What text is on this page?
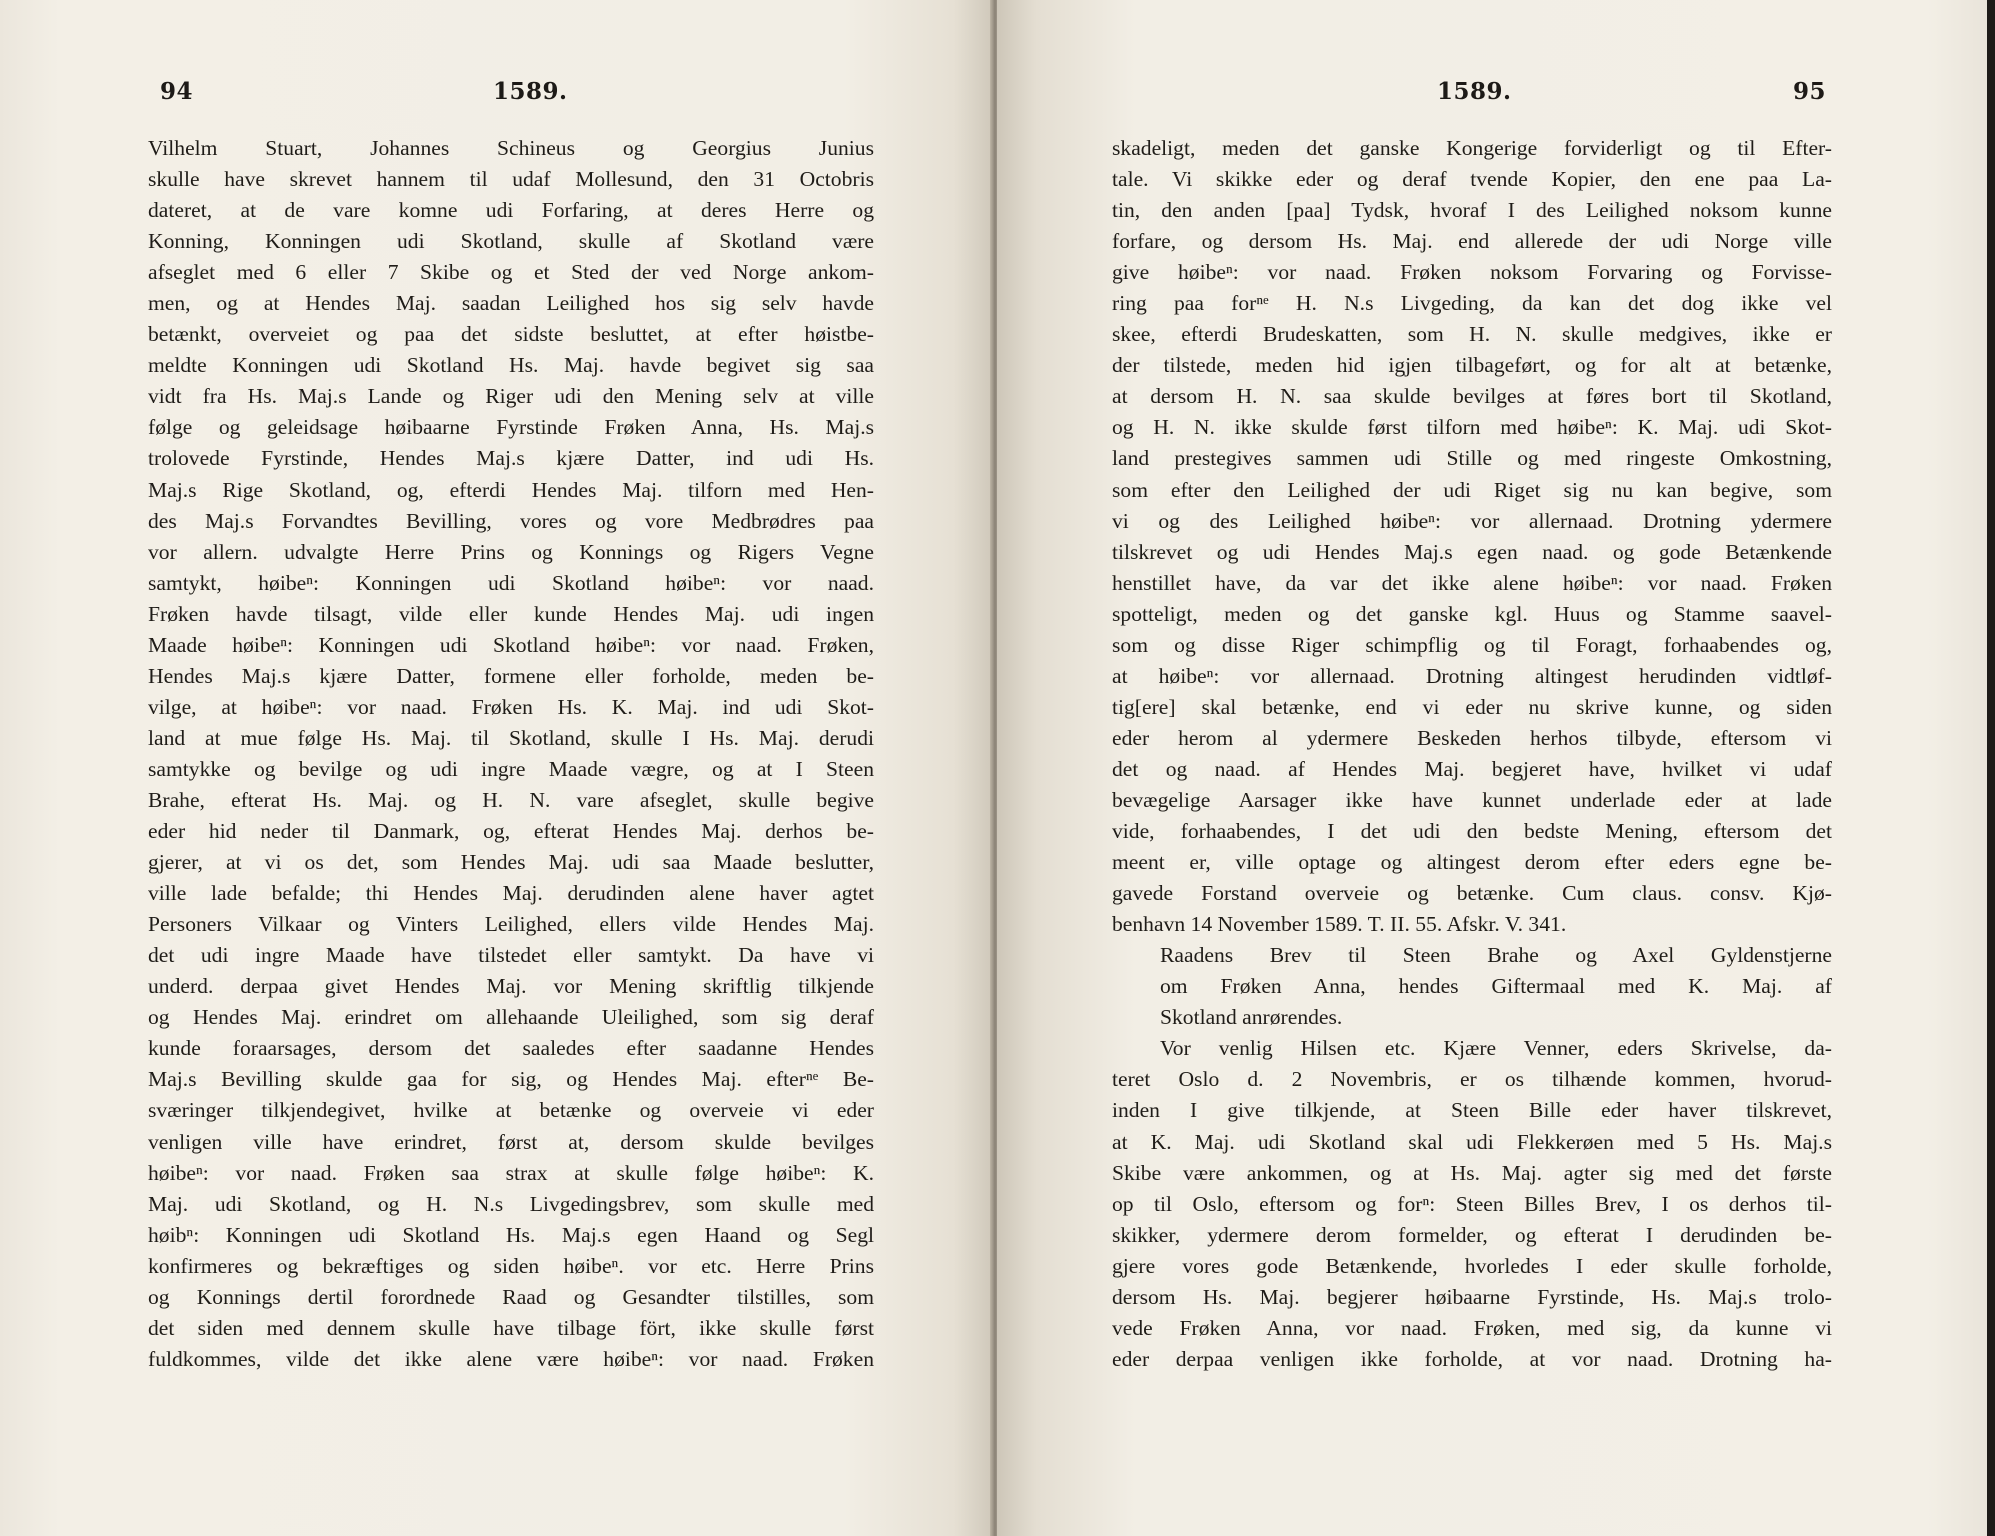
94	1589.
Vilhelm Stuart, Johannes Schineus og Georgius Junius
skulle have skrevet hannem til udaf Mollesund, den 31 Octobris
dateret, at de vare komne udi Forfaring, at deres Herre og
Konning, Konningen udi Skotland, skulle af Skotland være
afseglet med 6 eller 7 Skibe og et Sted der ved Norge ankom-
men, og at Hendes Maj. saadan Leilighed hos sig selv havde
betænkt, overveiet og paa det sidste besluttet, at efter høistbe-
meldte Konningen udi Skotland Hs. Maj. havde begivet sig saa
vidt fra Hs. Maj.s Lande og Riger udi den Mening selv at ville
følge og geleidsage høibaarne Fyrstinde Frøken Anna, Hs. Maj.s
trolovede Fyrstinde, Hendes Maj.s kjære Datter, ind udi Hs.
Maj.s Rige Skotland, og, efterdi Hendes Maj. tilforn med Hen-
des Maj.s Forvandtes Bevilling, vores og vore Medbrødres paa
vor allern. udvalgte Herre Prins og Konnings og Rigers Vegne
samtykt, høibeⁿ: Konningen udi Skotland høibeⁿ: vor naad.
Frøken havde tilsagt, vilde eller kunde Hendes Maj. udi ingen
Maade høibeⁿ: Konningen udi Skotland høibeⁿ: vor naad. Frøken,
Hendes Maj.s kjære Datter, formene eller forholde, meden be-
vilge, at høibeⁿ: vor naad. Frøken Hs. K. Maj. ind udi Skot-
land at mue følge Hs. Maj. til Skotland, skulle I Hs. Maj. derudi
samtykke og bevilge og udi ingre Maade vægre, og at I Steen
Brahe, efterat Hs. Maj. og H. N. vare afseglet, skulle begive
eder hid neder til Danmark, og, efterat Hendes Maj. derhos be-
gjerer, at vi os det, som Hendes Maj. udi saa Maade beslutter,
ville lade befalde; thi Hendes Maj. derudinden alene haver agtet
Personers Vilkaar og Vinters Leilighed, ellers vilde Hendes Maj.
det udi ingre Maade have tilstedet eller samtykt. Da have vi
underd. derpaa givet Hendes Maj. vor Mening skriftlig tilkjende
og Hendes Maj. erindret om allehaande Uleilighed, som sig deraf
kunde foraarsages, dersom det saaledes efter saadanne Hendes
Maj.s Bevilling skulde gaa for sig, og Hendes Maj. efterⁿᵉ Be-
sværinger tilkjendegivet, hvilke at betænke og overveie vi eder
venligen ville have erindret, først at, dersom skulde bevilges
høibeⁿ: vor naad. Frøken saa strax at skulle følge høibeⁿ: K.
Maj. udi Skotland, og H. N.s Livgedingsbrev, som skulle med
høibⁿ: Konningen udi Skotland Hs. Maj.s egen Haand og Segl
konfirmeres og bekræftiges og siden høibeⁿ. vor etc. Herre Prins
og Konnings dertil forordnede Raad og Gesandter tilstilles, som
det siden med dennem skulle have tilbage fört, ikke skulle først
fuldkommes, vilde det ikke alene være høibeⁿ: vor naad. Frøken
1589.	95
skadeligt, meden det ganske Kongerige forviderligt og til Efter-
tale. Vi skikke eder og deraf tvende Kopier, den ene paa La-
tin, den anden [paa] Tydsk, hvoraf I des Leilighed noksom kunne
forfare, og dersom Hs. Maj. end allerede der udi Norge ville
give høibeⁿ: vor naad. Frøken noksom Forvaring og Forvisse-
ring paa forⁿᵉ H. N.s Livgeding, da kan det dog ikke vel
skee, efterdi Brudeskatten, som H. N. skulle medgives, ikke er
der tilstede, meden hid igjen tilbageført, og for alt at betænke,
at dersom H. N. saa skulde bevilges at føres bort til Skotland,
og H. N. ikke skulde først tilforn med høibeⁿ: K. Maj. udi Skot-
land prestegives sammen udi Stille og med ringeste Omkostning,
som efter den Leilighed der udi Riget sig nu kan begive, som
vi og des Leilighed høibeⁿ: vor allernaad. Drotning ydermere
tilskrevet og udi Hendes Maj.s egen naad. og gode Betænkende
henstillet have, da var det ikke alene høibeⁿ: vor naad. Frøken
spotteligt, meden og det ganske kgl. Huus og Stamme saavel-
som og disse Riger schimpflig og til Foragt, forhaabendes og,
at høibeⁿ: vor allernaad. Drotning altingest herudinden vidtløf-
tig[ere] skal betænke, end vi eder nu skrive kunne, og siden
eder herom al ydermere Beskeden herhos tilbyde, eftersom vi
det og naad. af Hendes Maj. begjeret have, hvilket vi udaf
bevægelige Aarsager ikke have kunnet underlade eder at lade
vide, forhaabendes, I det udi den bedste Mening, eftersom det
meent er, ville optage og altingest derom efter eders egne be-
gavede Forstand overveie og betænke. Cum claus. consv. Kjø-
benhavn 14 November 1589. T. II. 55. Afskr. V. 341.
Raadens Brev til Steen Brahe og Axel Gyldenstjerne
om Frøken Anna, hendes Giftermaal med K. Maj. af
Skotland anrørendes.
Vor venlig Hilsen etc. Kjære Venner, eders Skrivelse, da-
teret Oslo d. 2 Novembris, er os tilhænde kommen, hvorud-
inden I give tilkjende, at Steen Bille eder haver tilskrevet,
at K. Maj. udi Skotland skal udi Flekkerøen med 5 Hs. Maj.s
Skibe være ankommen, og at Hs. Maj. agter sig med det første
op til Oslo, eftersom og forⁿ: Steen Billes Brev, I os derhos til-
skikker, ydermere derom formelder, og efterat I derudinden be-
gjere vores gode Betænkende, hvorledes I eder skulle forholde,
dersom Hs. Maj. begjerer høibaarne Fyrstinde, Hs. Maj.s trolo-
vede Frøken Anna, vor naad. Frøken, med sig, da kunne vi
eder derpaa venligen ikke forholde, at vor naad. Drotning ha-
